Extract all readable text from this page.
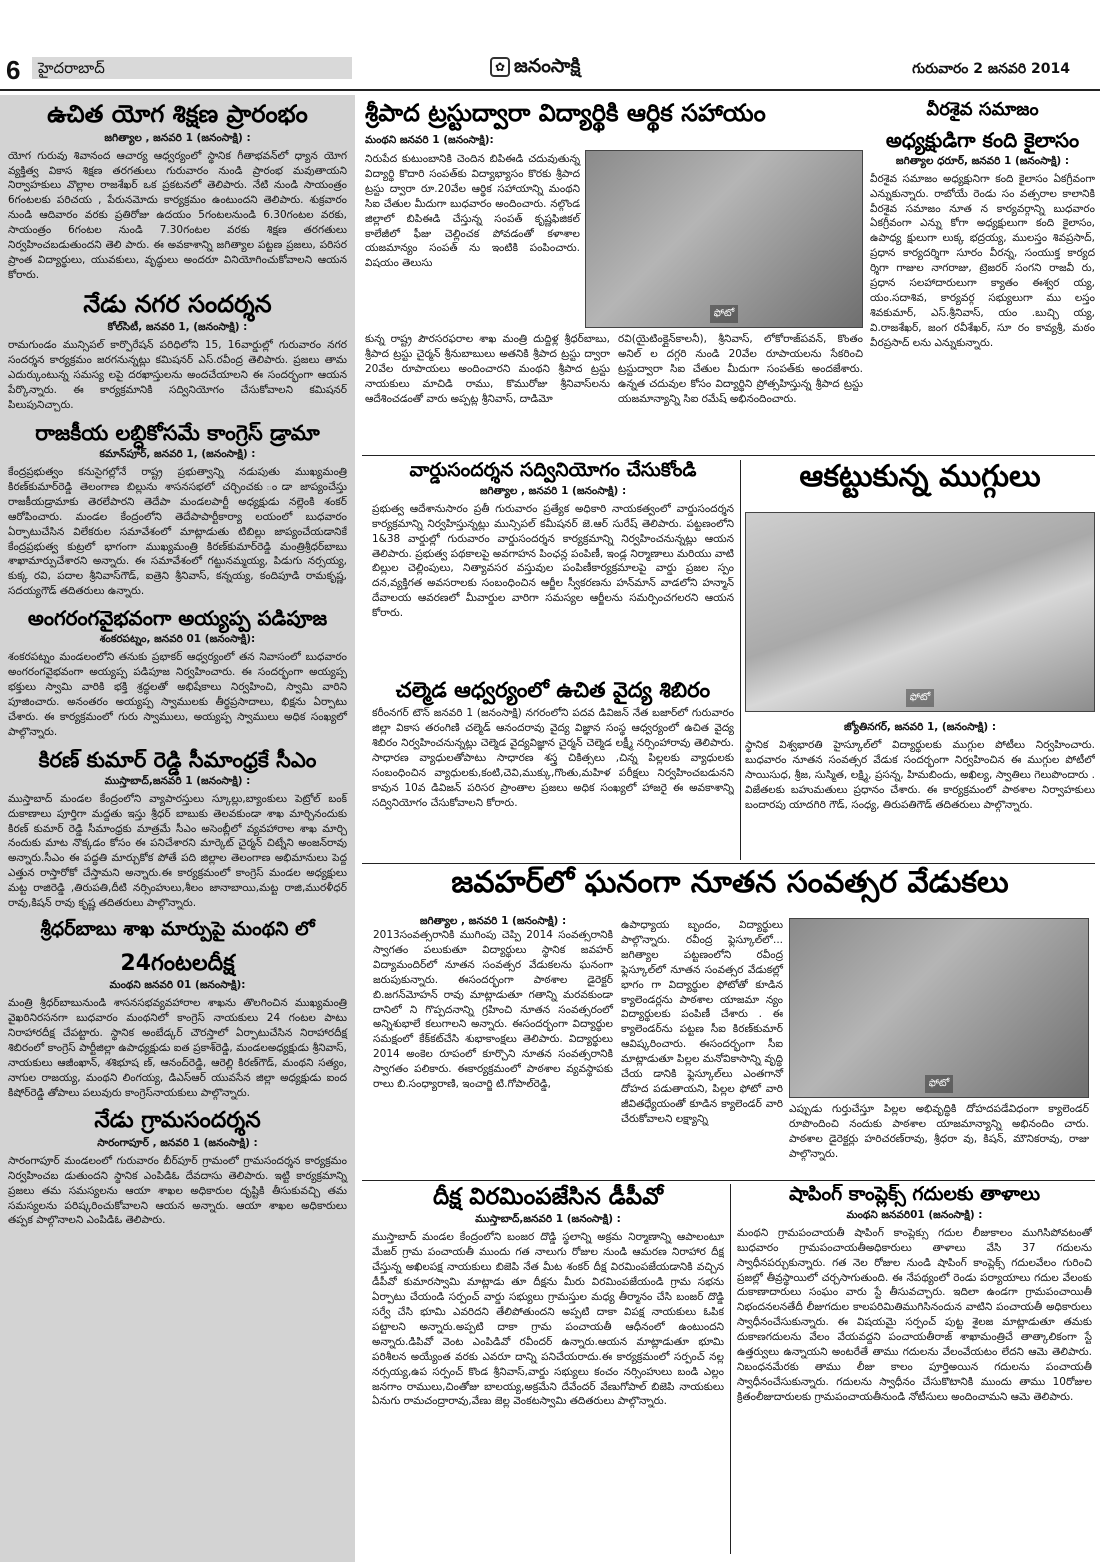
6	హైదరాబాద్	✿ జనంసాక్షి	గురువారం 2 జనవరి 2014
ఉచిత యోగ శిక్షణ ప్రారంభం
జగిత్యాల , జనవరి 1 (జనంసాక్షి) :
యోగ గురువు శివానంద ఆచార్య ఆధ్వర్యంలో స్థానిక గీతాభవన్‌లో ధ్యాన యోగ వ్యక్తిత్వ వికాస శిక్షణ తరగతులు గురువారం నుండి ప్రారంభ మవుతాయని నిర్వాహకులు వొల్లాల రాజశేఖర్ ఒక ప్రకటనలో తెలిపారు. నేటి నుండి సాయంత్రం 6గంటలకు పరిచయ , పేరునమోదు కార్యక్రమం ఉంటుందని తెలిపారు. శుక్రవారం నుండి ఆదివారం వరకు ప్రతిరోజు ఉదయం 5గంటలనుండి 6.30గంటల వరకు, సాయంత్రం 6గంటల నుండి 7.30గంటల వరకు శిక్షణ తరగతులు నిర్వహించబడుతుందని తెలి పారు. ఈ అవకాశాన్ని జగిత్యాల పట్టణ ప్రజలు, పరిసర ప్రాంత విద్యార్థులు, యువకులు, వృద్ధులు అందరూ వినియోగించుకోవాలని ఆయన కోరారు.
నేడు నగర సందర్శన
కోల్‌సిటీ, జనవరి 1, (జనంసాక్షి) :
రామగుండం మున్సిపల్ కార్పొరేషన్ పరిధిలోని 15, 16వార్డుల్లో గురువారం నగర సందర్శన కార్యక్రమం జరగనున్నట్లు కమిషనర్ ఎస్.రవీంద్ర తెలిపారు. ప్రజలు తామ ఎదుర్కుంటున్న సమస్య లపై దరఖాస్తులను అందచేయాలని ఈ సందర్భంగా ఆయన పేర్కొన్నారు. ఈ కార్యక్రమానికి సద్వినియోగం చేసుకోవాలని కమిషనర్ పిలుపునిచ్చారు.
రాజకీయ లబ్ధికోసమే కాంగ్రెస్ డ్రామా
కమాన్‌పూర్, జనవరి 1, (జనంసాక్షి) :
కేంద్రప్రభుత్వం కనుసైగల్లోనే రాష్ట్ర ప్రభుత్వాన్ని నడుపుతు ముఖ్యమంత్రి కిరణ్‌కుమార్‌రెడ్డి తెలంగాణ బిల్లును శాసనసభలో చర్చించకు ండా జాప్యంచేస్తు రాజకీయడ్రామాకు తెరలేపారని తెదేపా మండలపార్టీ అధ్యక్షుడు నల్లెంకి శంకర్ ఆరోపించారు. మండల కేంద్రంలోని తెదేపాపార్టీకార్యా లయంలో బుధవారం ఏర్పాటుచేసిన విలేకరుల సమావేశంలో మాట్లాడుతు టిబిల్లు జాప్యంచేయడానికే కేంద్రప్రభుత్వ కుట్రలో భాగంగా ముఖ్యమంత్రి కిరణ్‌కుమార్‌రెడ్డి మంత్రిశ్రీధర్‌బాబు శాఖామార్పుచేశారని అన్నారు. ఈ సమావేశంలో గట్టునమ్మయ్య, పిడుగు నర్సయ్య, కుక్క రవి, పదాల శ్రీనివాస్‌గౌడ్, ఐత్రెని శ్రీనివాస్, కన్నయ్య, కందిపూడి రామకృష్ణ, సదయ్యగౌడ్ తదితరులు ఉన్నారు.
అంగరంగవైభవంగా అయ్యప్ప పడిపూజ
శంకరపట్నం, జనవరి 01 (జనంసాక్షి):
శంకరపట్నం మండలంలోని తనుకు ప్రభాకర్ ఆధ్వర్యంలో తన నివాసంలో బుధవారం అంగరంగవైభవంగా అయ్యప్ప పడిపూజ నిర్వహించారు. ఈ సందర్భంగా అయ్యప్ప భక్తులు స్వామి వారికి భక్తి శ్రద్ధలతో అభిషేకాలు నిర్వహించి, స్వామి వారిని పూజించారు. అనంతరం అయ్యప్ప స్వాములకు తీర్థప్రసాదాలు, భిక్షను ఏర్పాటు చేశారు. ఈ కార్యక్రమంలో గురు స్వాములు, అయ్యప్ప స్వాములు అధిక సంఖ్యలో పాల్గొన్నారు.
కిరణ్ కుమార్ రెడ్డి సీమాంధ్రకే సీఎం
ముస్తాబాద్,జనవరి 1 (జనంసాక్షి) :
ముస్తాబాద్ మండల కేంద్రంలోని వ్యాపారస్తులు స్కూల్లు,బ్యాంకులు పెట్రోల్ బంక్ దుకాణాలు పూర్తిగా మద్దతు ఇస్తు శ్రీధర్ బాబుకు తెలవకుండా శాఖ మార్చినందుకు కిరణ్ కుమార్ రెడ్డి సీమాంధ్రకు మాత్రమే సీఎం అసెంబ్లీలో వ్యవహారాల శాఖ మార్చి నందుకు మాట నొక్కడం కోసం ఈ పనిచేశారని మార్కెట్ చైర్మన్ చిట్నేని అంజన్‌రావు అన్నారు.సీఎం ఈ పద్ధతి మార్చుకోక పోతే పది జిల్లాల తెలంగాణ అభిమానులు పెద్ద ఎత్తున రాస్తారోకో చేస్తామని అన్నారు.ఈ కార్యక్రమంలో కాంగ్రెస్ మండల అధ్యక్షులు మట్ట రాజిరెడ్డి ,తిరుపతి,దీటి నర్సింహులు,శీలం జానాబాయి,మట్ట రాజి,మురళీధర్ రావు,కిషన్ రావు కృష్ణ తదితరులు పాల్గొన్నారు.
శ్రీధర్‌బాబు శాఖ మార్పుపై మంథని లో
24గంటలదీక్ష
మంథని జనవరి 01 (జనంసాక్షి):
మంత్రి శ్రీధర్‌బాబునుండి శాసనసభవ్యవహారాల శాఖను తొలగించిన ముఖ్యమంత్రి వైఖరినిరసనగా బుధవారం మంథనిలో కాంగ్రెస్ నాయకులు 24 గంటల పాటు నిరాహారదీక్ష చేపట్టారు. స్థానిక అంబేడ్కర్ చౌరస్తాలో ఏర్పాటుచేసిన నిరాహారదీక్ష శిబిరంలో కాంగ్రెస్ పార్టీజిల్లా ఉపాధ్యక్షుడు ఐత ప్రకాశ్‌రెడ్డి, మండలఅధ్యక్షుడు శ్రీనివాస్, నాయకులు ఆజీంఖాన్, శశిభూష ణ్, ఆనంద్‌రెడ్డి, ఆరెల్లి కిరణ్‌గౌడ్, మంథని సత్యం, నాగుల రాజయ్య, మంథని లింగయ్య, డిఎస్‌ఆర్ యువసేన జిల్లా అధ్యక్షుడు ఐంద కిషోర్‌రెడ్డి తోపాలు పలువురు కాంగ్రెస్‌నాయకులు పాల్గొన్నారు.
నేడు గ్రామసందర్శన
సారంగాపూర్ , జనవరి 1 (జనంసాక్షి) :
సారంగాపూర్ మండలంలో గురువారం బీర్‌పూర్ గ్రామంలో గ్రామసందర్శన కార్యక్రమం నిర్వహించబ డుతుందని స్థానిక ఎంపిడిఓ దేవదాసు తెలిపారు. ఇట్టి కార్యక్రమాన్ని ప్రజలు తమ సమస్యలను ఆయా శాఖల అధికారుల దృష్టికి తీసుకువచ్చి తమ సమస్యలను పరిష్కరించుకోవాలని ఆయన అన్నారు. ఆయా శాఖల అధికారులు తప్పక పాల్గొనాలని ఎంపిడిఓ తెలిపారు.
శ్రీపాద ట్రస్టుద్వారా విద్యార్థికి ఆర్థిక సహాయం
మంథని జనవరి 1 (జనంసాక్షి):
నిరుపేద కుటుంబానికి చెందిన బిపిఈడి చదువుతున్న విద్యార్థి కొదారి సంపత్‌కు విద్యాభ్యాసం కొరకు శ్రీపాద ట్రస్టు ద్వారా రూ.20వేల ఆర్థిక సహాయాన్ని మంథని సిఐ చేతుల మీదుగా బుధవారం అందించారు. నల్గొండ జిల్లాలో బిపిఈడి చేస్తున్న సంపత్ కృష్ణఫిజికల్ కాలేజీలో ఫీజు చెల్లించక పోవడంతో కళాశాల యజమాన్యం సంపత్ ను ఇంటికి పంపించారు. విషయం తెలుసు
ఫోటో
కున్న రాష్ట్ర పౌరసరఫరాల శాఖ మంత్రి దుద్దిళ్ల శ్రీధర్‌బాబు, శ్రీపాద ట్రస్టు చైర్మన్ శ్రీనుబాబులు అతనికి శ్రీపాద ట్రస్టు ద్వారా 20వేల రూపాయలు అందించారని మంథని శ్రీపాద ట్రస్టు నాయకులు మాచిడి రాము, కొమురోజు శ్రీనివాస్‌లను ఆదేశించడంతో వారు అప్పట్ల శ్రీనివాస్, దాడిమో
రవి(యైటింక్లైన్‌కాలనీ), శ్రీనివాస్, లోకోరాజ్‌పవన్, కొంతం అనిల్ ల దగ్గరి నుండి 20వేల రూపాయలను సేకరించి ట్రస్టుద్వారా సిఐ చేతుల మీదుగా సంపత్‌కు అందజేశారు. ఉన్నత చదువుల కోసం విద్యార్థిని ప్రోత్సహిస్తున్న శ్రీపాద ట్రస్టు యజమాన్యాన్ని సిఐ రమేష్ అభినందించారు.
వీరశైవ సమాజం
అధ్యక్షుడిగా కంది కైలాసం
జగిత్యాల ధరూర్, జనవరి 1 (జనంసాక్షి) :
వీరశైవ సమాజం అధ్యక్షునిగా కంది కైలాసం ఏకగ్రీవంగా ఎన్నుకున్నారు. రాబోయే రెండు సం వత్సరాల కాలానికి వీరశైవ సమాజం నూత న కార్యవర్గాన్ని బుధవారం ఏకగ్రీవంగా ఎన్ను కోగా అధ్యక్షులుగా కంది కైలాసం, ఉపాధ్య క్షులుగా లుక్క భద్రయ్య, ములస్తం శివప్రసాద్, ప్రధాన కార్యదర్శిగా సూరం వీరన్న, సంయుక్త కార్యద ర్శిగా గాజుల నాగరాజు, ట్రెజరర్ సంగని రాజవీ రు, ప్రధాన సలహాదారులుగా క్యాతం ఈశ్వర య్య, యం.సదాశివ, కార్యవర్గ సభ్యులుగా ము లస్తం శివకుమార్, ఎస్.శ్రీనివాస్, యం .బుచ్చి య్య, వి.రాజశేఖర్, జంగ రవీశేఖర్, సూ రం కావ్యశ్రీ, మఠం వీరప్రసాద్ లను ఎన్నుకున్నారు.
వార్డుసందర్శన సద్వినియోగం చేసుకోండి
జగిత్యాల , జనవరి 1 (జనంసాక్షి) :
ప్రభుత్వ ఆదేశానుసారం ప్రతీ గురువారం ప్రత్యేక అధికారి నాయకత్వంలో వార్డుసందర్శన కార్యక్రమాన్ని నిర్వహిస్తున్నట్లు మున్సిపల్ కమీషనర్ జె.ఆర్ సురేష్ తెలిపారు. పట్టణంలోని 1&38 వార్డుల్లో గురువారం వార్డుసందర్శన కార్యక్రమాన్ని నిర్వహించనున్నట్లు ఆయన తెలిపారు. ప్రభుత్వ పథకాలపై అవగాహన పింఛన్ల పంపిణీ, ఇండ్ల నిర్మాణాలు మరియు వాటి బిల్లుల చెల్లింపులు, నిత్యావసర వస్తువుల పంపిణీకార్యక్రమాలపై వార్డు ప్రజల స్పం దన,వ్యక్తిగత అవసరాలకు సంబంధించిన ఆర్జీల స్వీకరణను హన్‌మాన్ వాడలోని హన్మాన్ దేవాలయ ఆవరణలో మీవార్డుల వారిగా సమస్యల ఆర్జీలను సమర్పించగలరని ఆయన కోరారు.
చల్మెడ ఆధ్వర్యంలో ఉచిత వైద్య శిబిరం
కరీంనగర్ టౌన్ జనవరి 1 (జనంసాక్షి) నగరంలోని పదవ డివిజన్ నేత బజార్‌లో గురువారం జిల్లా వికాస తరంగిణి చల్మెడ్ ఆనందరావు వైద్య విజ్ఞాన సంస్థ ఆధ్వర్యంలో ఉచిత వైద్య శిబిరం నిర్వహించనున్నట్లు చెల్మెడ వైద్యవిజ్ఞాన చైర్మన్ చెల్మెడ లక్ష్మీ నర్సింహారావు తెలిపారు. సాధారణ వ్యాధులతోపాటు సాధారణ శస్త్ర చికిత్సలు ,చిన్న పిల్లలకు వ్యాధులకు సంబంధించిన వ్యాధులకు,కంటి,చెవి,ముక్కు,గొంతు,మహిళ పరీక్షలు నిర్వహించబడునని కావున 10వ డివిజన్ పరిసర ప్రాంతాల ప్రజలు అధిక సంఖ్యలో హాజరై ఈ అవకాశాన్ని సద్వినియోగం చేసుకోవాలని కోరారు.
ఆకట్టుకున్న ముగ్గులు
ఫోటో
జ్యోతినగర్, జనవరి 1, (జనంసాక్షి) :
స్థానిక విశ్వభారతి హైస్కూల్‌లో విద్యార్థులకు ముగ్గుల పోటీలు నిర్వహించారు. బుధవారం నూతన సంవత్సర వేడుక సందర్భంగా నిర్వహించిన ఈ ముగ్గుల పోటీలో సాయిసుధ, శ్రీజ, సుస్మిత, లక్ష్మి, ప్రసన్న, హిమబిందు, అఖిల్య, స్వాతిలు గెలుపొందారు . విజేతలకు బహుమతులు ప్రధానం చేశారు. ఈ కార్యక్రమంలో పాఠశాల నిర్వాహకులు బందారపు యాదగిరి గౌడ్, సంధ్య, తిరుపతిగౌడ్ తదితరులు పాల్గొన్నారు.
జవహర్‌లో ఘనంగా నూతన సంవత్సర వేడుకలు
జగిత్యాల , జనవరి 1 (జనంసాక్షి) :
2013సంవత్సరానికి ముగింపు చెప్పి 2014 సంవత్సరానికి స్వాగతం పలుకుతూ విద్యార్థులు స్థానిక జవహర్ విద్యామందిర్‌లో నూతన సంవత్సర వేడుకలను ఘనంగా జరుపుకున్నారు. ఈసందర్భంగా పాఠశాల డైరెక్టర్ బి.జగన్‌మోహన్ రావు మాట్లాడుతూ గతాన్ని మరవకుండా దానిలో ని గొప్పదనాన్ని గ్రహించి నూతన సంవత్సరంలో అన్నిశుభాలే కలుగాలని అన్నారు. ఈసందర్భంగా విద్యార్థుల సమక్షంలో కేక్‌కట్‌చేసి శుభాకాంక్షలు తెలిపారు. విద్యార్థులు 2014 అంకెల రూపంలో కూర్చొని నూతన సంవత్సరానికి స్వాగతం పలికారు. ఈకార్యక్రమంలో పాఠశాల వ్యవస్థాపకు రాలు బి.సంధ్యారాణి, ఇంచార్జి టి.గోపాల్‌రెడ్డి,
ఉపాధ్యాయ బృందం, విద్యార్థులు పాల్గొన్నారు. రవీంద్ర ఫ్లెస్కూల్‌లో... జగిత్యాల పట్టణంలోని రవీంద్ర ఫ్లెస్కూల్‌లో నూతన సంవత్సర వేడుకల్లో భాగం గా విద్యార్థుల ఫోటోతో కూడిన క్యాలెండర్లను పాఠశాల యాజమా న్యం విద్యార్థులకు పంపిణీ చేశారు . ఈ క్యాలెండర్‌ను పట్టణ సీఐ కిరణ్‌కుమార్ ఆవిష్కరించారు. ఈసందర్భంగా సీఐ మాట్లాడుతూ పిల్లల మనోవికాసాన్ని వృద్ధి చేయ డానికి ఫ్లెస్కూల్‌లు ఎంతగానో దోహద పడుతాయని, పిల్లల ఫోటో వారి జీవితధ్యేయంతో కూడిన క్యాలెండర్ వారి చేరుకోవాలని లక్ష్యాన్ని
ఫోటో
ఎప్పుడు గుర్తుచేస్తూ పిల్లల అభివృద్ధికి దోహదపడేవిధంగా క్యాలెండర్ రూపొందించి నందుకు పాఠశాల యాజమాన్యాన్ని అభినందిం చారు. పాఠశాల డైరెక్టర్లు హరిచరణ్‌రావు, శ్రీధరా వు, కిషన్, మౌనికరావు, రాజు పాల్గొన్నారు.
దీక్ష విరమింపజేసిన డీపీవో
ముస్తాబాద్,జనవరి 1 (జనంసాక్షి) :
ముస్తాబాద్ మండల కేంద్రంలోని బంజర దొడ్డి స్థలాన్ని అక్రమ నిర్మాణాన్ని ఆపాలంటూ మేజర్ గ్రామ పంచాయతీ ముందు గత నాలుగు రోజుల నుండి ఆమరణ నిరాహార దీక్ష చేస్తున్న అఖిలపక్ష నాయకులు బిజెపి నేత మీట శంకర్ దీక్ష విరమింపజేయడానికి వచ్చిన డీపీవో కుమారస్వామి మాట్లాడు తూ దీక్షను మీరు విరమింపజేయండి గ్రామ సభను ఏర్పాటు చేయండి సర్పంచ్ వార్డు సభ్యులు గ్రామస్తుల మధ్య తీర్మానం చేసి బంజర్ దొడ్డి సర్వే చేసి భూమి ఎవరిదని తేలిపోతుందని అప్పటి దాకా విపక్ష నాయకులు ఓపిక పట్టాలని అన్నారు.అప్పటి దాకా గ్రామ పంచాయతీ ఆధీనంలో ఉంటుందని అన్నారు.డిపివో వెంట ఎంపిడివో రవీందర్ ఉన్నారు.ఆయన మాట్లాడుతూ భూమి పరిశీలన అయ్యేంత వరకు ఎవరూ దాన్ని పనిచేయరాదు.ఈ కార్యక్రమంలో సర్పంచ్ నల్ల నర్సయ్య,ఉప సర్పంచ్ కొండ శ్రీనివాస్,వార్డు సభ్యులు కంచం నర్సింహులు బండి ఎల్లం జనగాం రాములు,చింతోజు బాలయ్య,అక్రమేని దేవేందర్ వేణుగోపాల్ బిజెపి నాయకులు ఏనుగు రామచంద్రారావు,వేణు జెల్ల వెంకటస్వామి తదితరులు పాల్గొన్నారు.
షాపింగ్ కాంప్లెక్స్ గదులకు తాళాలు
మంథని జనవరి01 (జనంసాక్షి) :
మంథని గ్రామపంచాయతీ షాపింగ్ కాంప్లెక్సు గదుల లీజుకాలం ముగిసిపోవటంతో బుధవారం గ్రామపంచాయతీఅధికారులు తాళాలు వేసి 37 గదులను స్వాధీనపర్చుకున్నారు. గత నెల రోజుల నుండి షాపింగ్ కాంప్లెక్స్ గదులవేలం గురించి ప్రజల్లో తీవ్రస్థాయిలో చర్చసాగుతుంది. ఈ నేపథ్యంలో రెండు పర్యాయాలు గదుల వేలంకు దుకాణాదారులు సంఘం వారు స్టే తీసువచ్చారు. ఇదిలా ఉండగా గ్రామపంచాయితీ నిభందనలనతేదీ లీజుగదుల కాలపరిమితిముగిసినందున వాటిని పంచాయతీ అధికారులు స్వాధీనంచేసుకున్నారు. ఈ విషయమై సర్పంచ్ పుట్ట శైలజ మాట్లాడుతూ తమకు దుకాణగదులను వేలం వేయవద్దని పంచాయతీరాజ్ శాఖామంత్రిచే తాత్కాలికంగా స్టే ఉత్తర్వులు ఉన్నాయని అంటరేతే తాము గదులను వేలంవేయటం లేదని ఆమె తెలిపారు. నిబంధనమేరకు తాము లీజు కాలం పూర్తిఅయిన గదులను పంచాయతీ స్వాధీనంచేసుకున్నారు. గదులను స్వాధీనం చేసుకొటానికి ముందు తాము 10రోజుల క్రితంలీజుదారులకు గ్రామపంచాయతీనుండి నోటీసులు అందించామని ఆమె తెలిపారు.
